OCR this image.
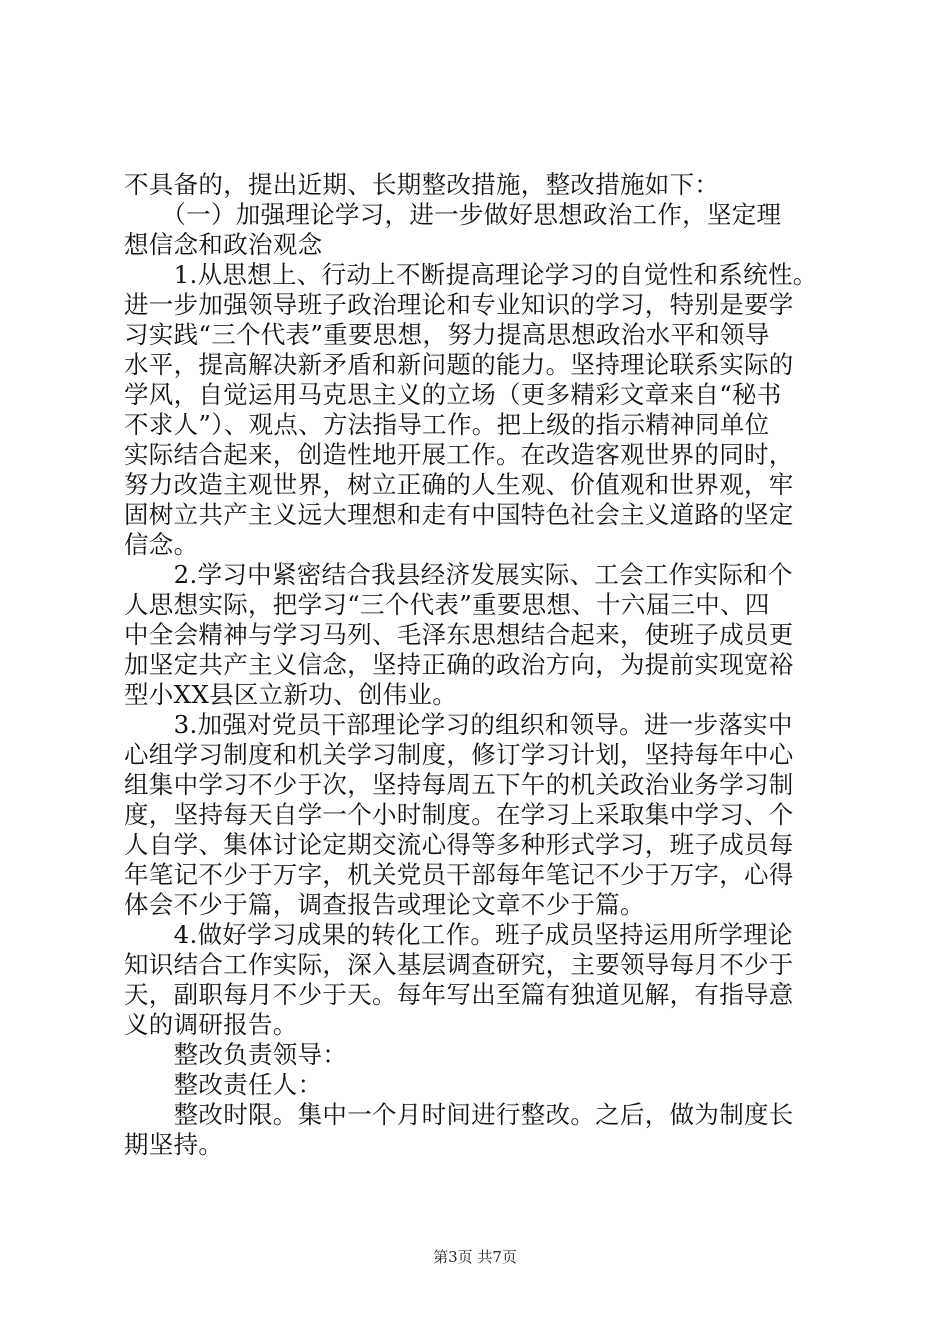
不具备的，提出近期、长期整改措施，整改措施如下：
　　（一）加强理论学习，进一步做好思想政治工作，坚定理
想信念和政治观念
　　1.从思想上、行动上不断提高理论学习的自觉性和系统性。
进一步加强领导班子政治理论和专业知识的学习，特别是要学
习实践“三个代表”重要思想，努力提高思想政治水平和领导
水平，提高解决新矛盾和新问题的能力。坚持理论联系实际的
学风，自觉运用马克思主义的立场（更多精彩文章来自“秘书
不求人”）、观点、方法指导工作。把上级的指示精神同单位
实际结合起来，创造性地开展工作。在改造客观世界的同时，
努力改造主观世界，树立正确的人生观、价值观和世界观，牢
固树立共产主义远大理想和走有中国特色社会主义道路的坚定
信念。
　　2.学习中紧密结合我县经济发展实际、工会工作实际和个
人思想实际，把学习“三个代表”重要思想、十六届三中、四
中全会精神与学习马列、毛泽东思想结合起来，使班子成员更
加坚定共产主义信念，坚持正确的政治方向，为提前实现宽裕
型小XX县区立新功、创伟业。
　　3.加强对党员干部理论学习的组织和领导。进一步落实中
心组学习制度和机关学习制度，修订学习计划，坚持每年中心
组集中学习不少于次，坚持每周五下午的机关政治业务学习制
度，坚持每天自学一个小时制度。在学习上采取集中学习、个
人自学、集体讨论定期交流心得等多种形式学习，班子成员每
年笔记不少于万字，机关党员干部每年笔记不少于万字，心得
体会不少于篇，调查报告或理论文章不少于篇。
　　4.做好学习成果的转化工作。班子成员坚持运用所学理论
知识结合工作实际，深入基层调查研究，主要领导每月不少于
天，副职每月不少于天。每年写出至篇有独道见解，有指导意
义的调研报告。
　　整改负责领导：
　　整改责任人：
　　整改时限。集中一个月时间进行整改。之后，做为制度长
期坚持。
第3页 共7页
